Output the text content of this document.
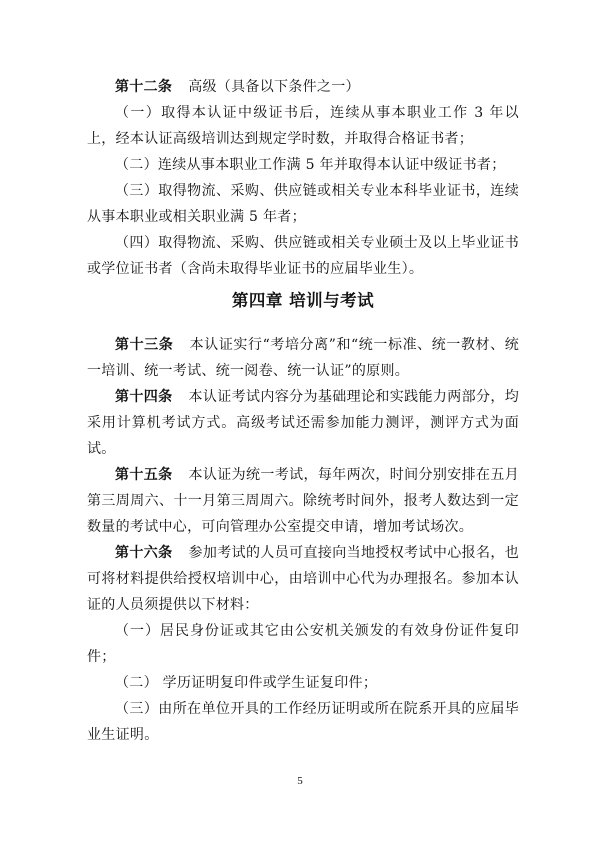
第十二条 高级（具备以下条件之一）

（一）取得本认证中级证书后，连续从事本职业工作 3 年以上，经本认证高级培训达到规定学时数，并取得合格证书者；

（二）连续从事本职业工作满 5 年并取得本认证中级证书者；

（三）取得物流、采购、供应链或相关专业本科毕业证书，连续从事本职业或相关职业满 5 年者；

（四）取得物流、采购、供应链或相关专业硕士及以上毕业证书或学位证书者（含尚未取得毕业证书的应届毕业生）。

第四章 培训与考试

第十三条 本认证实行“考培分离”和“统一标准、统一教材、统一培训、统一考试、统一阅卷、统一认证”的原则。

第十四条 本认证考试内容分为基础理论和实践能力两部分，均采用计算机考试方式。高级考试还需参加能力测评，测评方式为面试。

第十五条 本认证为统一考试，每年两次，时间分别安排在五月第三周周六、十一月第三周周六。除统考时间外，报考人数达到一定数量的考试中心，可向管理办公室提交申请，增加考试场次。

第十六条 参加考试的人员可直接向当地授权考试中心报名，也可将材料提供给授权培训中心，由培训中心代为办理报名。参加本认证的人员须提供以下材料：

（一）居民身份证或其它由公安机关颁发的有效身份证件复印件；

（二） 学历证明复印件或学生证复印件；

（三）由所在单位开具的工作经历证明或所在院系开具的应届毕业生证明。

5
